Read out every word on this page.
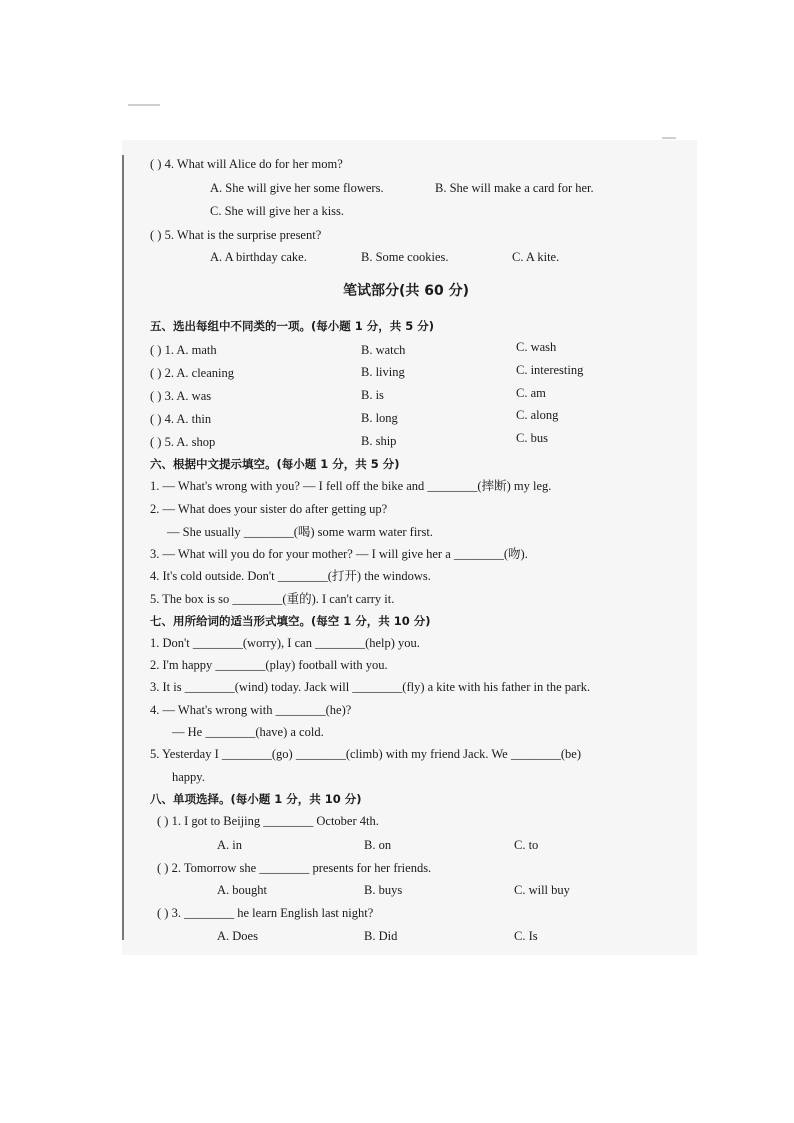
( ) 4. What will Alice do for her mom?
A. She will give her some flowers.	B. She will make a card for her.
C. She will give her a kiss.
( ) 5. What is the surprise present?
A. A birthday cake.	B. Some cookies.	C. A kite.
笔试部分(共 60 分)
五、选出每组中不同类的一项。(每小题 1 分，共 5 分)
( ) 1. A. math	B. watch	C. wash
( ) 2. A. cleaning	B. living	C. interesting
( ) 3. A. was	B. is	C. am
( ) 4. A. thin	B. long	C. along
( ) 5. A. shop	B. ship	C. bus
六、根据中文提示填空。(每小题 1 分，共 5 分)
1. — What's wrong with you? — I fell off the bike and ________(摔断) my leg.
2. — What does your sister do after getting up?
— She usually ________(喝) some warm water first.
3. — What will you do for your mother? — I will give her a ________(吻).
4. It's cold outside. Don't ________(打开) the windows.
5. The box is so ________(重的). I can't carry it.
七、用所给词的适当形式填空。(每空 1 分，共 10 分)
1. Don't ________(worry), I can ________(help) you.
2. I'm happy ________(play) football with you.
3. It is ________(wind) today. Jack will ________(fly) a kite with his father in the park.
4. — What's wrong with ________(he)?
— He ________(have) a cold.
5. Yesterday I ________(go) ________(climb) with my friend Jack. We ________(be)
happy.
八、单项选择。(每小题 1 分，共 10 分)
( ) 1. I got to Beijing ________ October 4th.
A. in	B. on	C. to
( ) 2. Tomorrow she ________ presents for her friends.
A. bought	B. buys	C. will buy
( ) 3. ________ he learn English last night?
A. Does	B. Did	C. Is
